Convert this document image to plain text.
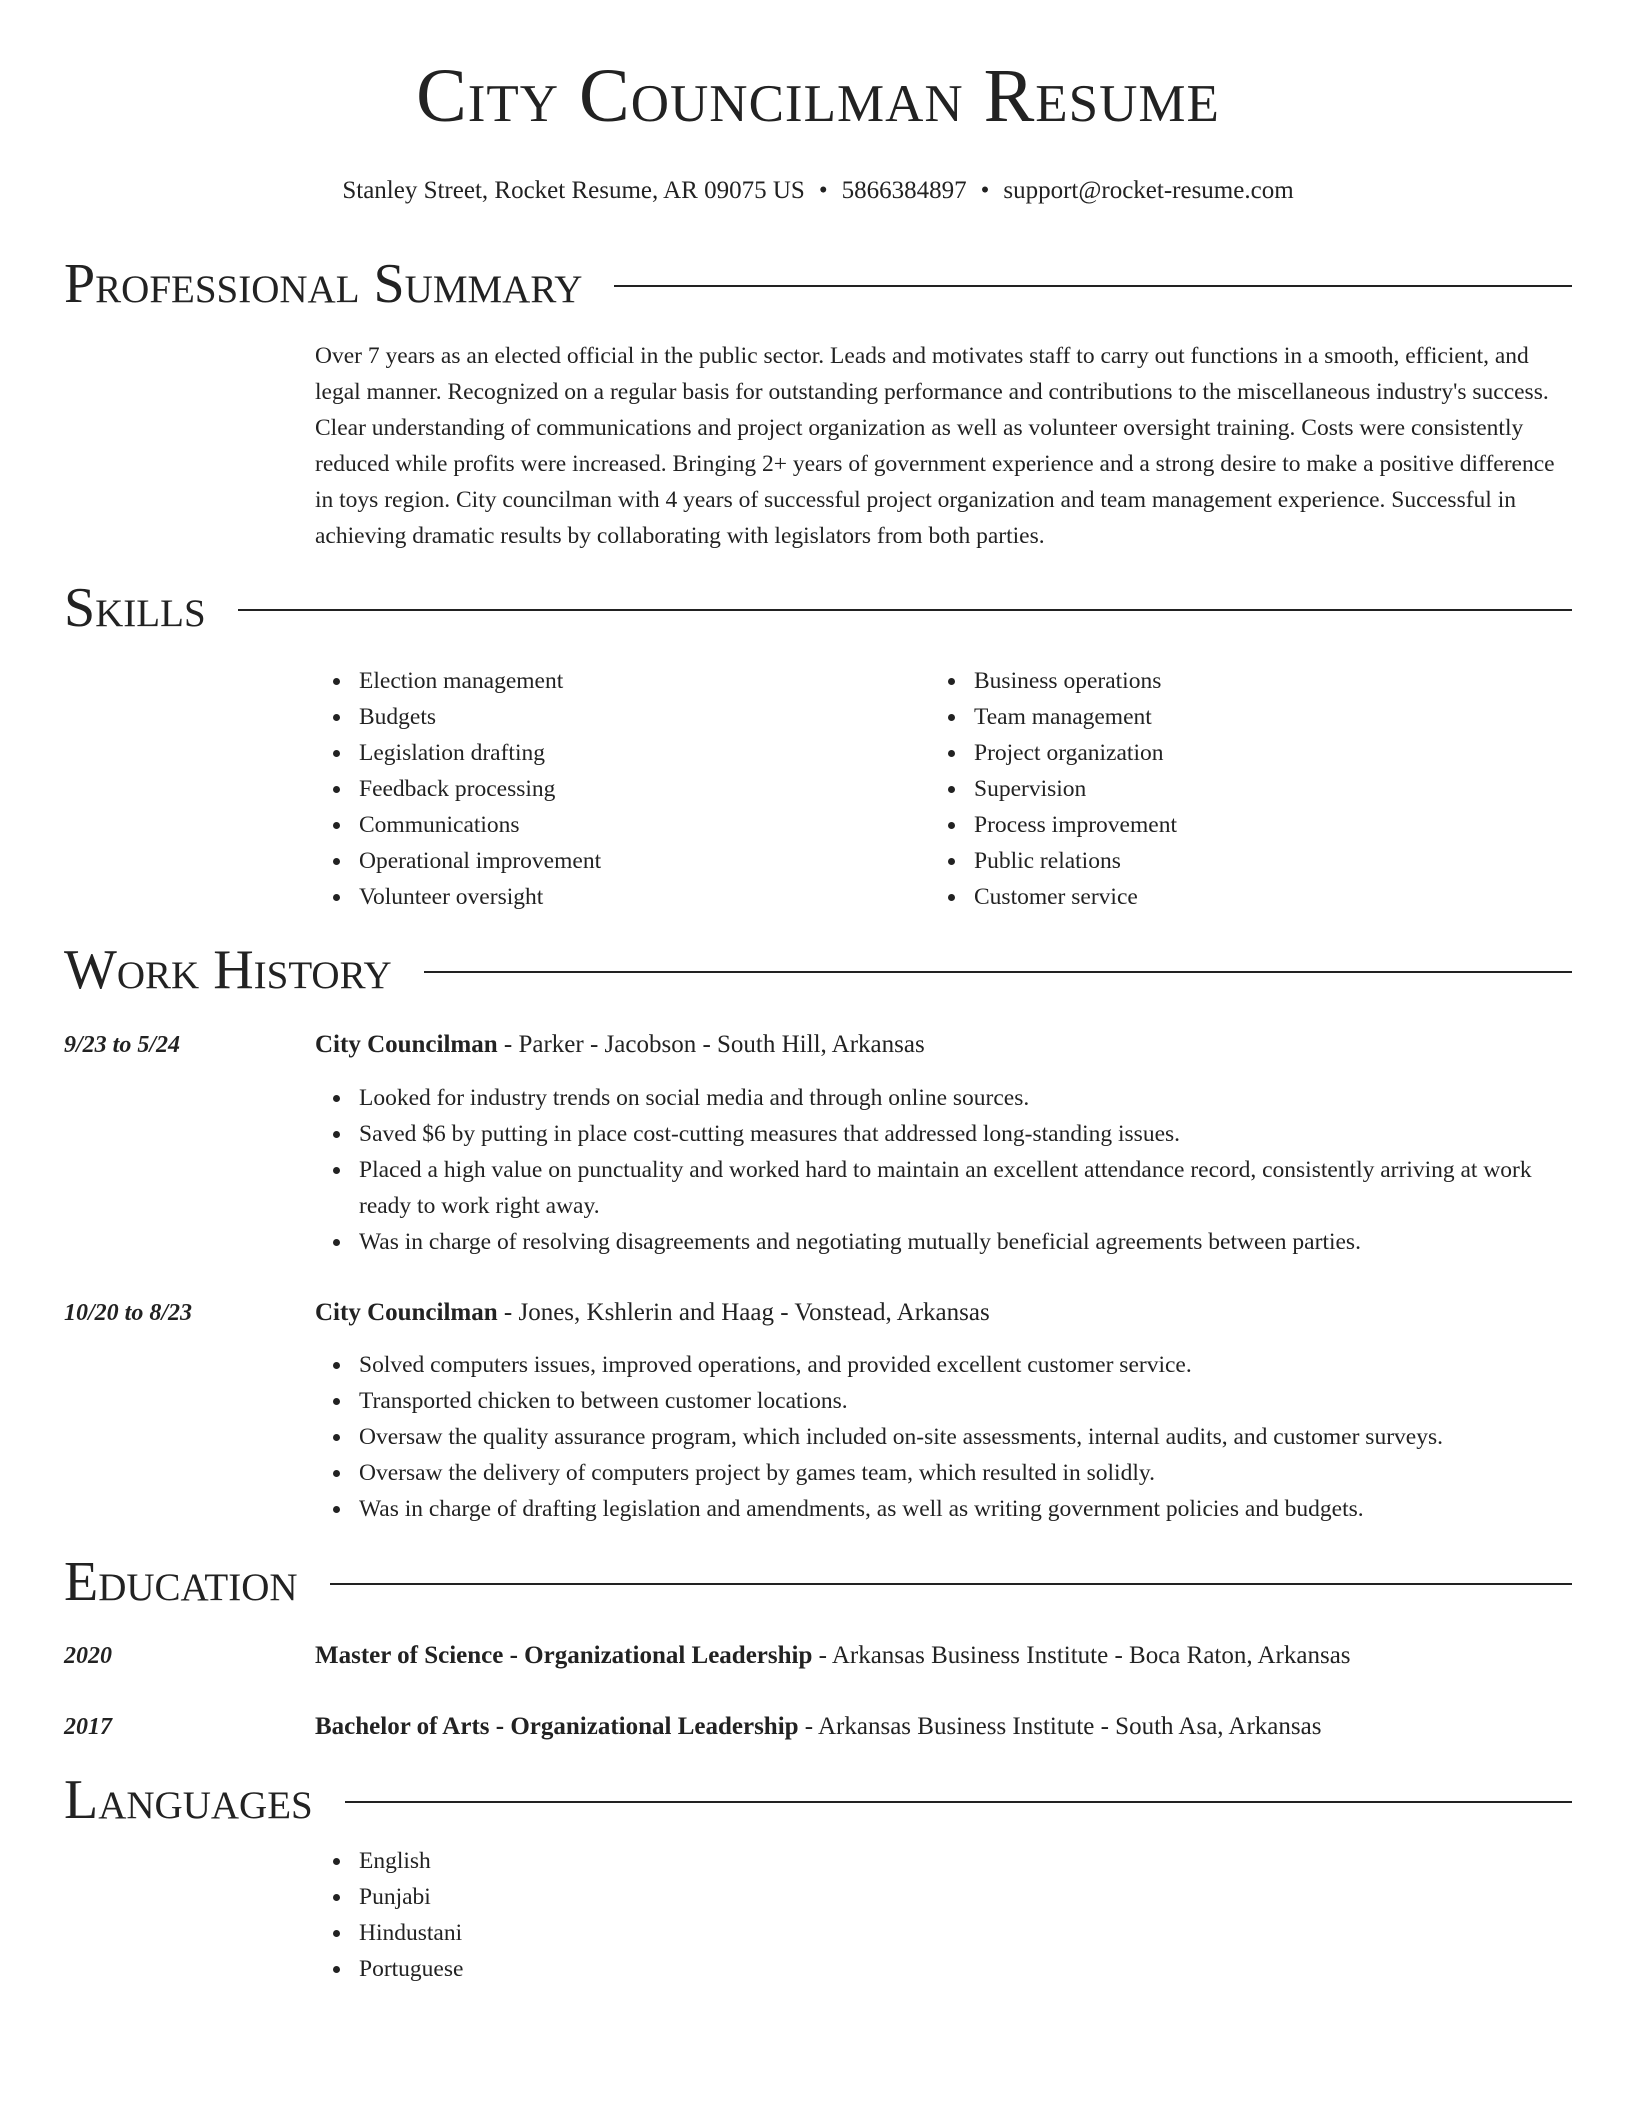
City Councilman Resume
Stanley Street, Rocket Resume, AR 09075 US • 5866384897 • support@rocket-resume.com
Professional Summary
Over 7 years as an elected official in the public sector. Leads and motivates staff to carry out functions in a smooth, efficient, and legal manner. Recognized on a regular basis for outstanding performance and contributions to the miscellaneous industry's success. Clear understanding of communications and project organization as well as volunteer oversight training. Costs were consistently reduced while profits were increased. Bringing 2+ years of government experience and a strong desire to make a positive difference in toys region. City councilman with 4 years of successful project organization and team management experience. Successful in achieving dramatic results by collaborating with legislators from both parties.
Skills
Election management
Budgets
Legislation drafting
Feedback processing
Communications
Operational improvement
Volunteer oversight
Business operations
Team management
Project organization
Supervision
Process improvement
Public relations
Customer service
Work History
9/23 to 5/24	City Councilman - Parker - Jacobson - South Hill, Arkansas
Looked for industry trends on social media and through online sources.
Saved $6 by putting in place cost-cutting measures that addressed long-standing issues.
Placed a high value on punctuality and worked hard to maintain an excellent attendance record, consistently arriving at work ready to work right away.
Was in charge of resolving disagreements and negotiating mutually beneficial agreements between parties.
10/20 to 8/23	City Councilman - Jones, Kshlerin and Haag - Vonstead, Arkansas
Solved computers issues, improved operations, and provided excellent customer service.
Transported chicken to between customer locations.
Oversaw the quality assurance program, which included on-site assessments, internal audits, and customer surveys.
Oversaw the delivery of computers project by games team, which resulted in solidly.
Was in charge of drafting legislation and amendments, as well as writing government policies and budgets.
Education
2020	Master of Science - Organizational Leadership - Arkansas Business Institute - Boca Raton, Arkansas
2017	Bachelor of Arts - Organizational Leadership - Arkansas Business Institute - South Asa, Arkansas
Languages
English
Punjabi
Hindustani
Portuguese
